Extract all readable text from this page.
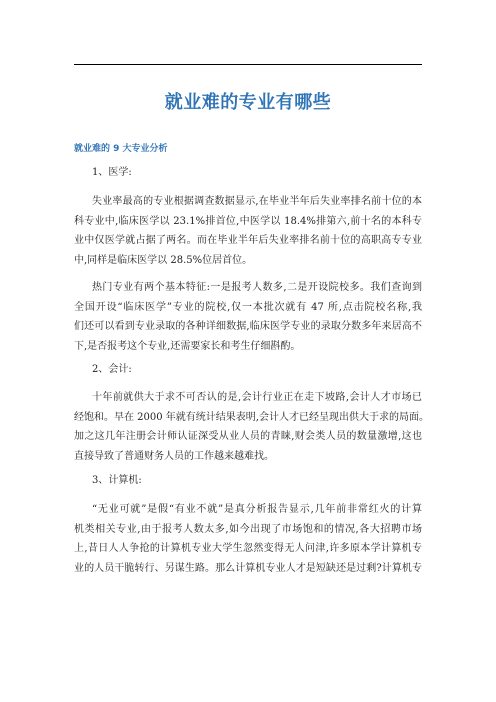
就业难的专业有哪些

就业难的 9 大专业分析

1、医学:

失业率最高的专业根据调查数据显示,在毕业半年后失业率排名前十位的本
科专业中,临床医学以 23.1%排首位,中医学以 18.4%排第六,前十名的本科专
业中仅医学就占据了两名。而在毕业半年后失业率排名前十位的高职高专专业
中,同样是临床医学以 28.5%位居首位。
热门专业有两个基本特征:一是报考人数多,二是开设院校多。我们查询到
全国开设“临床医学”专业的院校,仅一本批次就有 47 所,点击院校名称,我
们还可以看到专业录取的各种详细数据,临床医学专业的录取分数多年来居高不
下,是否报考这个专业,还需要家长和考生仔细斟酌。

2、会计:

十年前就供大于求不可否认的是,会计行业正在走下坡路,会计人才市场已
经饱和。早在 2000 年就有统计结果表明,会计人才已经呈现出供大于求的局面。
加之这几年注册会计师认证深受从业人员的青睐,财会类人员的数量激增,这也
直接导致了普通财务人员的工作越来越难找。

3、计算机:

“无业可就”是假“有业不就”是真分析报告显示,几年前非常红火的计算
机类相关专业,由于报考人数太多,如今出现了市场饱和的情况,各大招聘市场
上,昔日人人争抢的计算机专业大学生忽然变得无人问津,许多原本学计算机专
业的人员干脆转行、另谋生路。那么计算机专业人才是短缺还是过剩?计算机专
